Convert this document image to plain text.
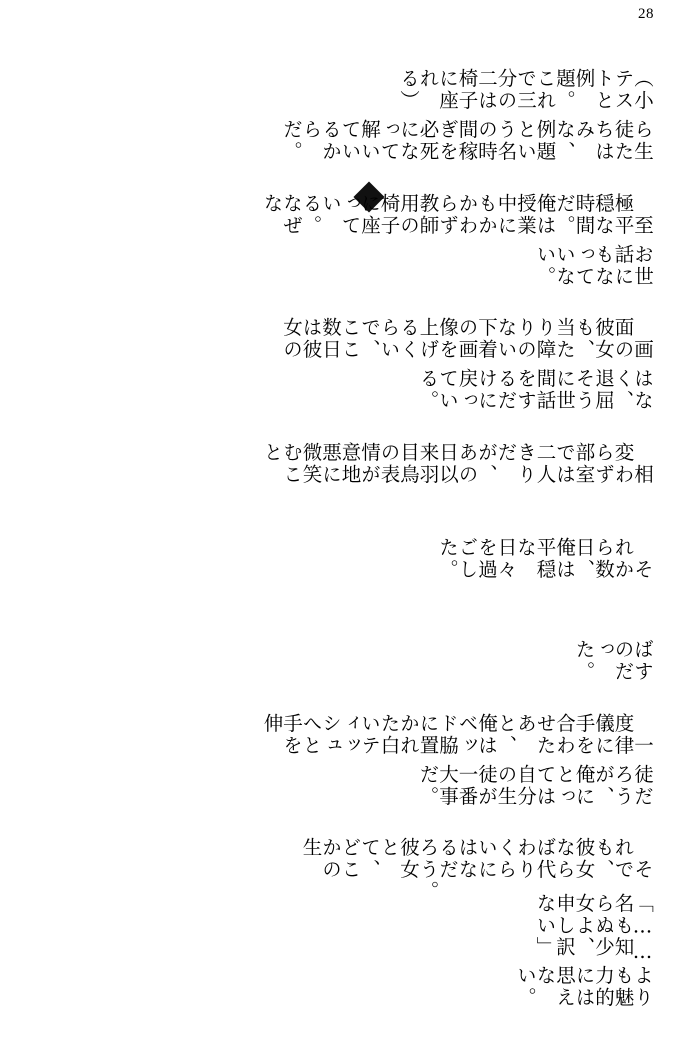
28
よりも魅力的には思えない。
「……名も知らぬ少女よ、申し訳ない」
　それでも、彼女ならば代わりくらいにはなるだろう。　彼女とて、どこかの生
徒だろうが、俺にとっては自分の生徒が一番大事だ。
　一度律儀に手を合わせたあと、俺はベッド脇に置かれた白いティッシュへと手を伸
ばすのだった。
　それから数日、俺は平穏な日々を過ごした。
　相変わらず部室では二人きりだが、あの日以来羽目鳥の表情が意地悪に微笑むこと
はなく、退屈そうに世間話をするだけに戻っている。
　画面の彼女も、当たり障りのない下着の画像を上げるくらいで、ここ数日は彼女の
お世話にもなっていない。
　至極平穏な時間だ。俺は授業中にもかかわらず教師用の椅子に座っている。なぜな
ら生徒たちはみな、例題という名の時間稼ぎを必死になって解いているからだ。
（小テストと例題。これで三分の二は椅子に座れる）
